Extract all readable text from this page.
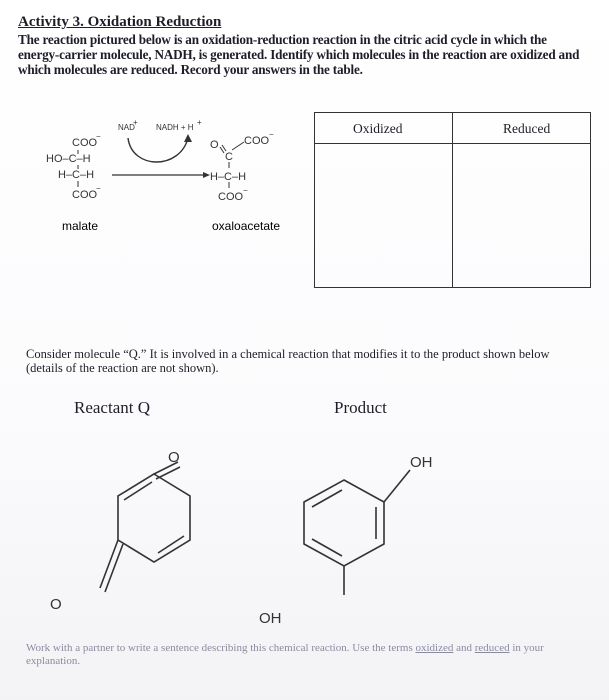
Activity 3. Oxidation Reduction
The reaction pictured below is an oxidation-reduction reaction in the citric acid cycle in which the energy-carrier molecule, NADH, is generated. Identify which molecules in the reaction are oxidized and which molecules are reduced. Record your answers in the table.
NAD
+
NADH + H
+
COO
−
HO–C–H
H–C–H
COO
−
malate
O COO
−
C
H–C–H
COO
−
oxaloacetate
Oxidized	Reduced
Consider molecule “Q.” It is involved in a chemical reaction that modifies it to the product shown below (details of the reaction are not shown).
Reactant Q	Product
O
O
OH
OH
Work with a partner to write a sentence describing this chemical reaction. Use the terms oxidized and reduced in your explanation.
